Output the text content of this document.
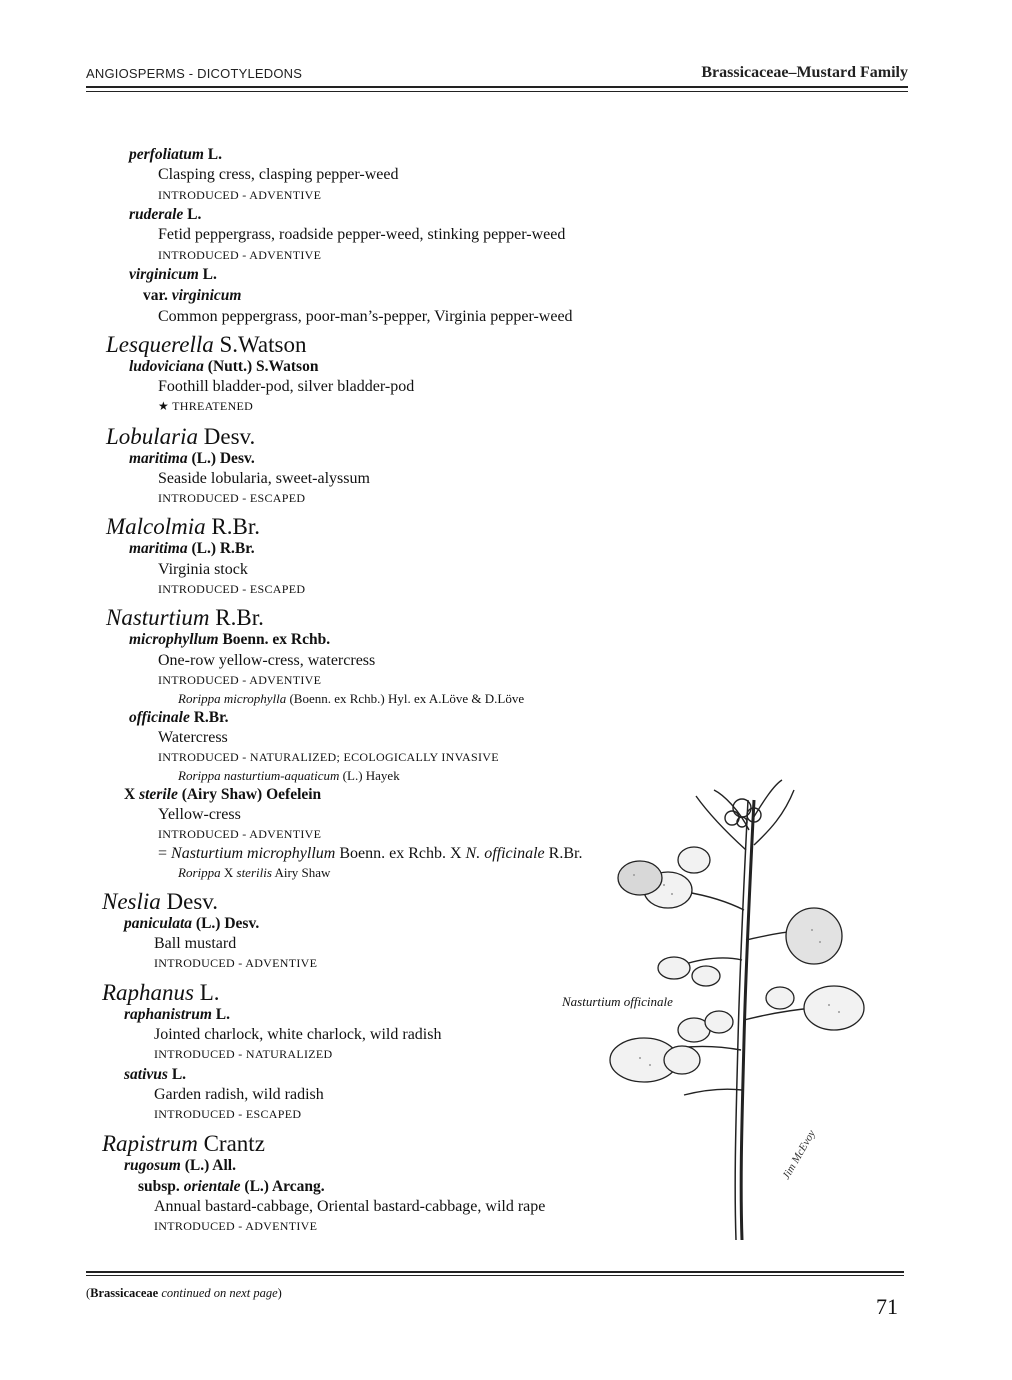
ANGIOSPERMS - DICOTYLEDONS	Brassicaceae–Mustard Family
perfoliatum L.
Clasping cress, clasping pepper-weed
INTRODUCED - ADVENTIVE
ruderale L.
Fetid peppergrass, roadside pepper-weed, stinking pepper-weed
INTRODUCED - ADVENTIVE
virginicum L.
var. virginicum
Common peppergrass, poor-man’s-pepper, Virginia pepper-weed
Lesquerella S.Watson
ludoviciana (Nutt.) S.Watson
Foothill bladder-pod, silver bladder-pod
★ THREATENED
Lobularia Desv.
maritima (L.) Desv.
Seaside lobularia, sweet-alyssum
INTRODUCED - ESCAPED
Malcolmia R.Br.
maritima (L.) R.Br.
Virginia stock
INTRODUCED - ESCAPED
Nasturtium R.Br.
microphyllum Boenn. ex Rchb.
One-row yellow-cress, watercress
INTRODUCED - ADVENTIVE
Rorippa microphylla (Boenn. ex Rchb.) Hyl. ex A.Löve & D.Löve
officinale R.Br.
Watercress
INTRODUCED - NATURALIZED; ECOLOGICALLY INVASIVE
Rorippa nasturtium-aquaticum (L.) Hayek
X sterile (Airy Shaw) Oefelein
Yellow-cress
INTRODUCED - ADVENTIVE
= Nasturtium microphyllum Boenn. ex Rchb. X N. officinale R.Br.
Rorippa X sterilis Airy Shaw
Neslia Desv.
paniculata (L.) Desv.
Ball mustard
INTRODUCED - ADVENTIVE
Raphanus L.
raphanistrum L.
Jointed charlock, white charlock, wild radish
INTRODUCED - NATURALIZED
sativus L.
Garden radish, wild radish
INTRODUCED - ESCAPED
Rapistrum Crantz
rugosum (L.) All.
subsp. orientale (L.) Arcang.
Annual bastard-cabbage, Oriental bastard-cabbage, wild rape
INTRODUCED - ADVENTIVE
Jim McEvoy
Nasturtium officinale
(Brassicaceae continued on next page)
71
